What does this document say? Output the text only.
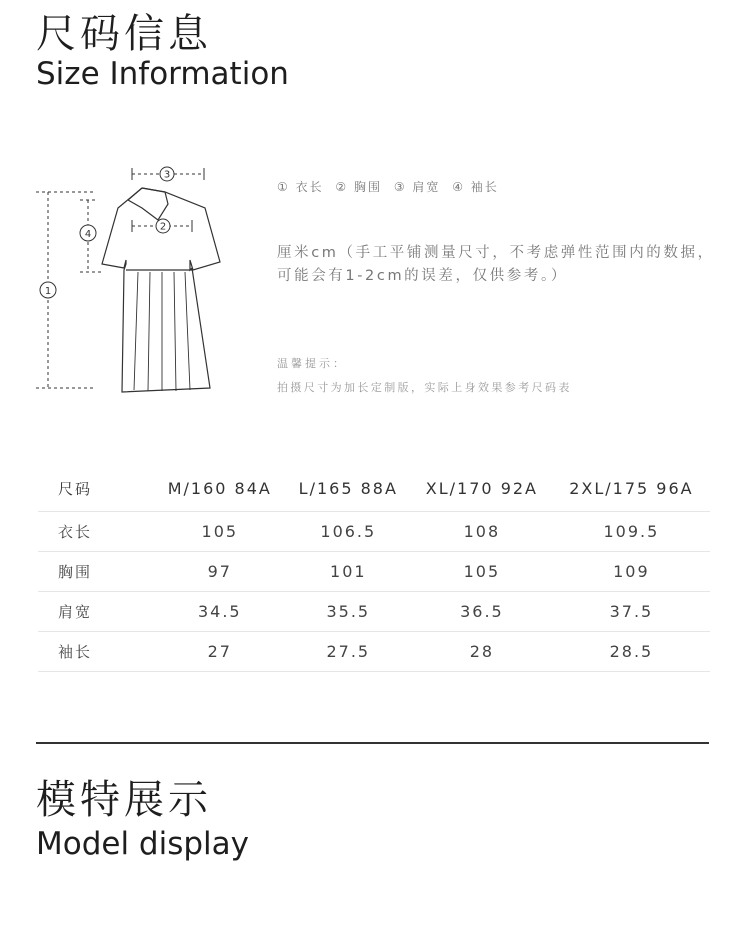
尺码信息
Size Information
3
2
1
4
① 衣长 ② 胸围 ③ 肩宽 ④ 袖长
厘米cm（手工平铺测量尺寸，不考虑弹性范围内的数据，可能会有1-2cm的误差，仅供参考。）
温馨提示：
拍摄尺寸为加长定制版，实际上身效果参考尺码表
尺码	M/160 84A	L/165 88A	XL/170 92A	2XL/175 96A
衣长	105	106.5	108	109.5
胸围	97	101	105	109
肩宽	34.5	35.5	36.5	37.5
袖长	27	27.5	28	28.5
模特展示
Model display
